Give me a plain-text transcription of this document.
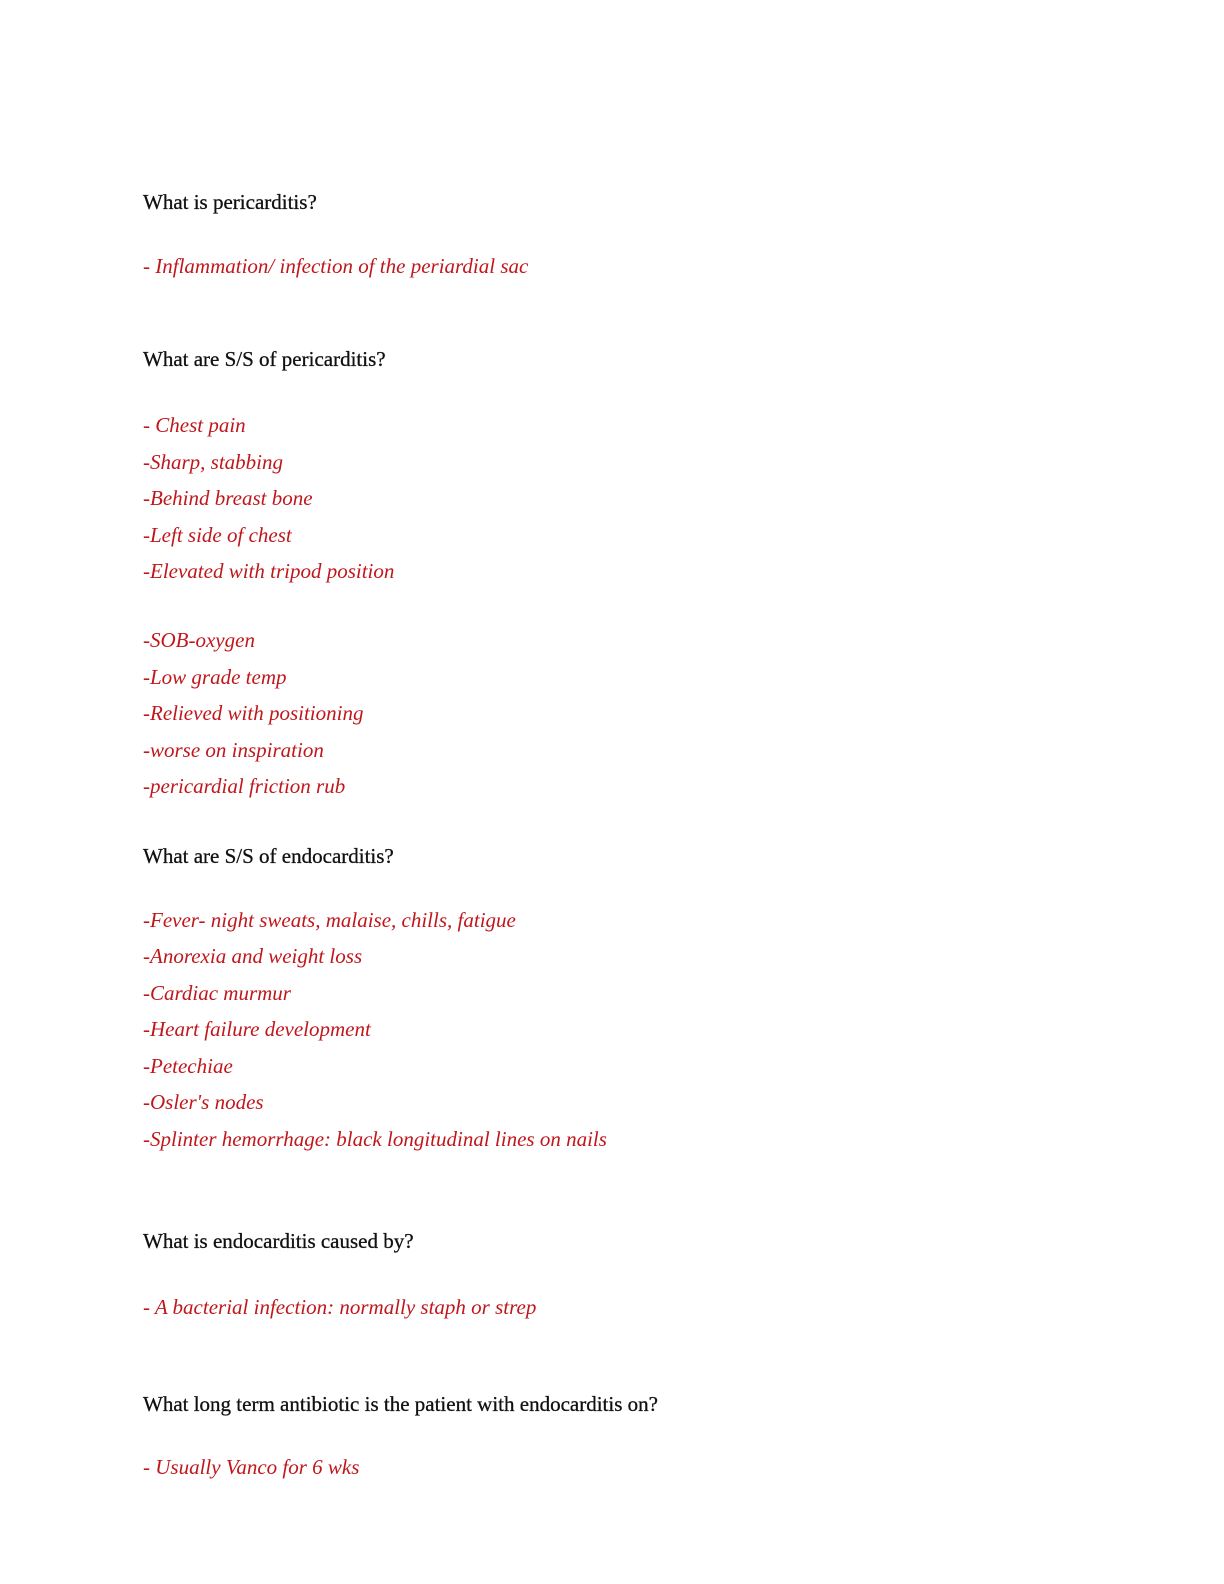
What is pericarditis?
- Inflammation/ infection of the periardial sac
What are S/S of pericarditis?
- Chest pain
-Sharp, stabbing
-Behind breast bone
-Left side of chest
-Elevated with tripod position
-SOB-oxygen
-Low grade temp
-Relieved with positioning
-worse on inspiration
-pericardial friction rub
What are S/S of endocarditis?
-Fever- night sweats, malaise, chills, fatigue
-Anorexia and weight loss
-Cardiac murmur
-Heart failure development
-Petechiae
-Osler's nodes
-Splinter hemorrhage: black longitudinal lines on nails
What is endocarditis caused by?
- A bacterial infection: normally staph or strep
What long term antibiotic is the patient with endocarditis on?
- Usually Vanco for 6 wks
